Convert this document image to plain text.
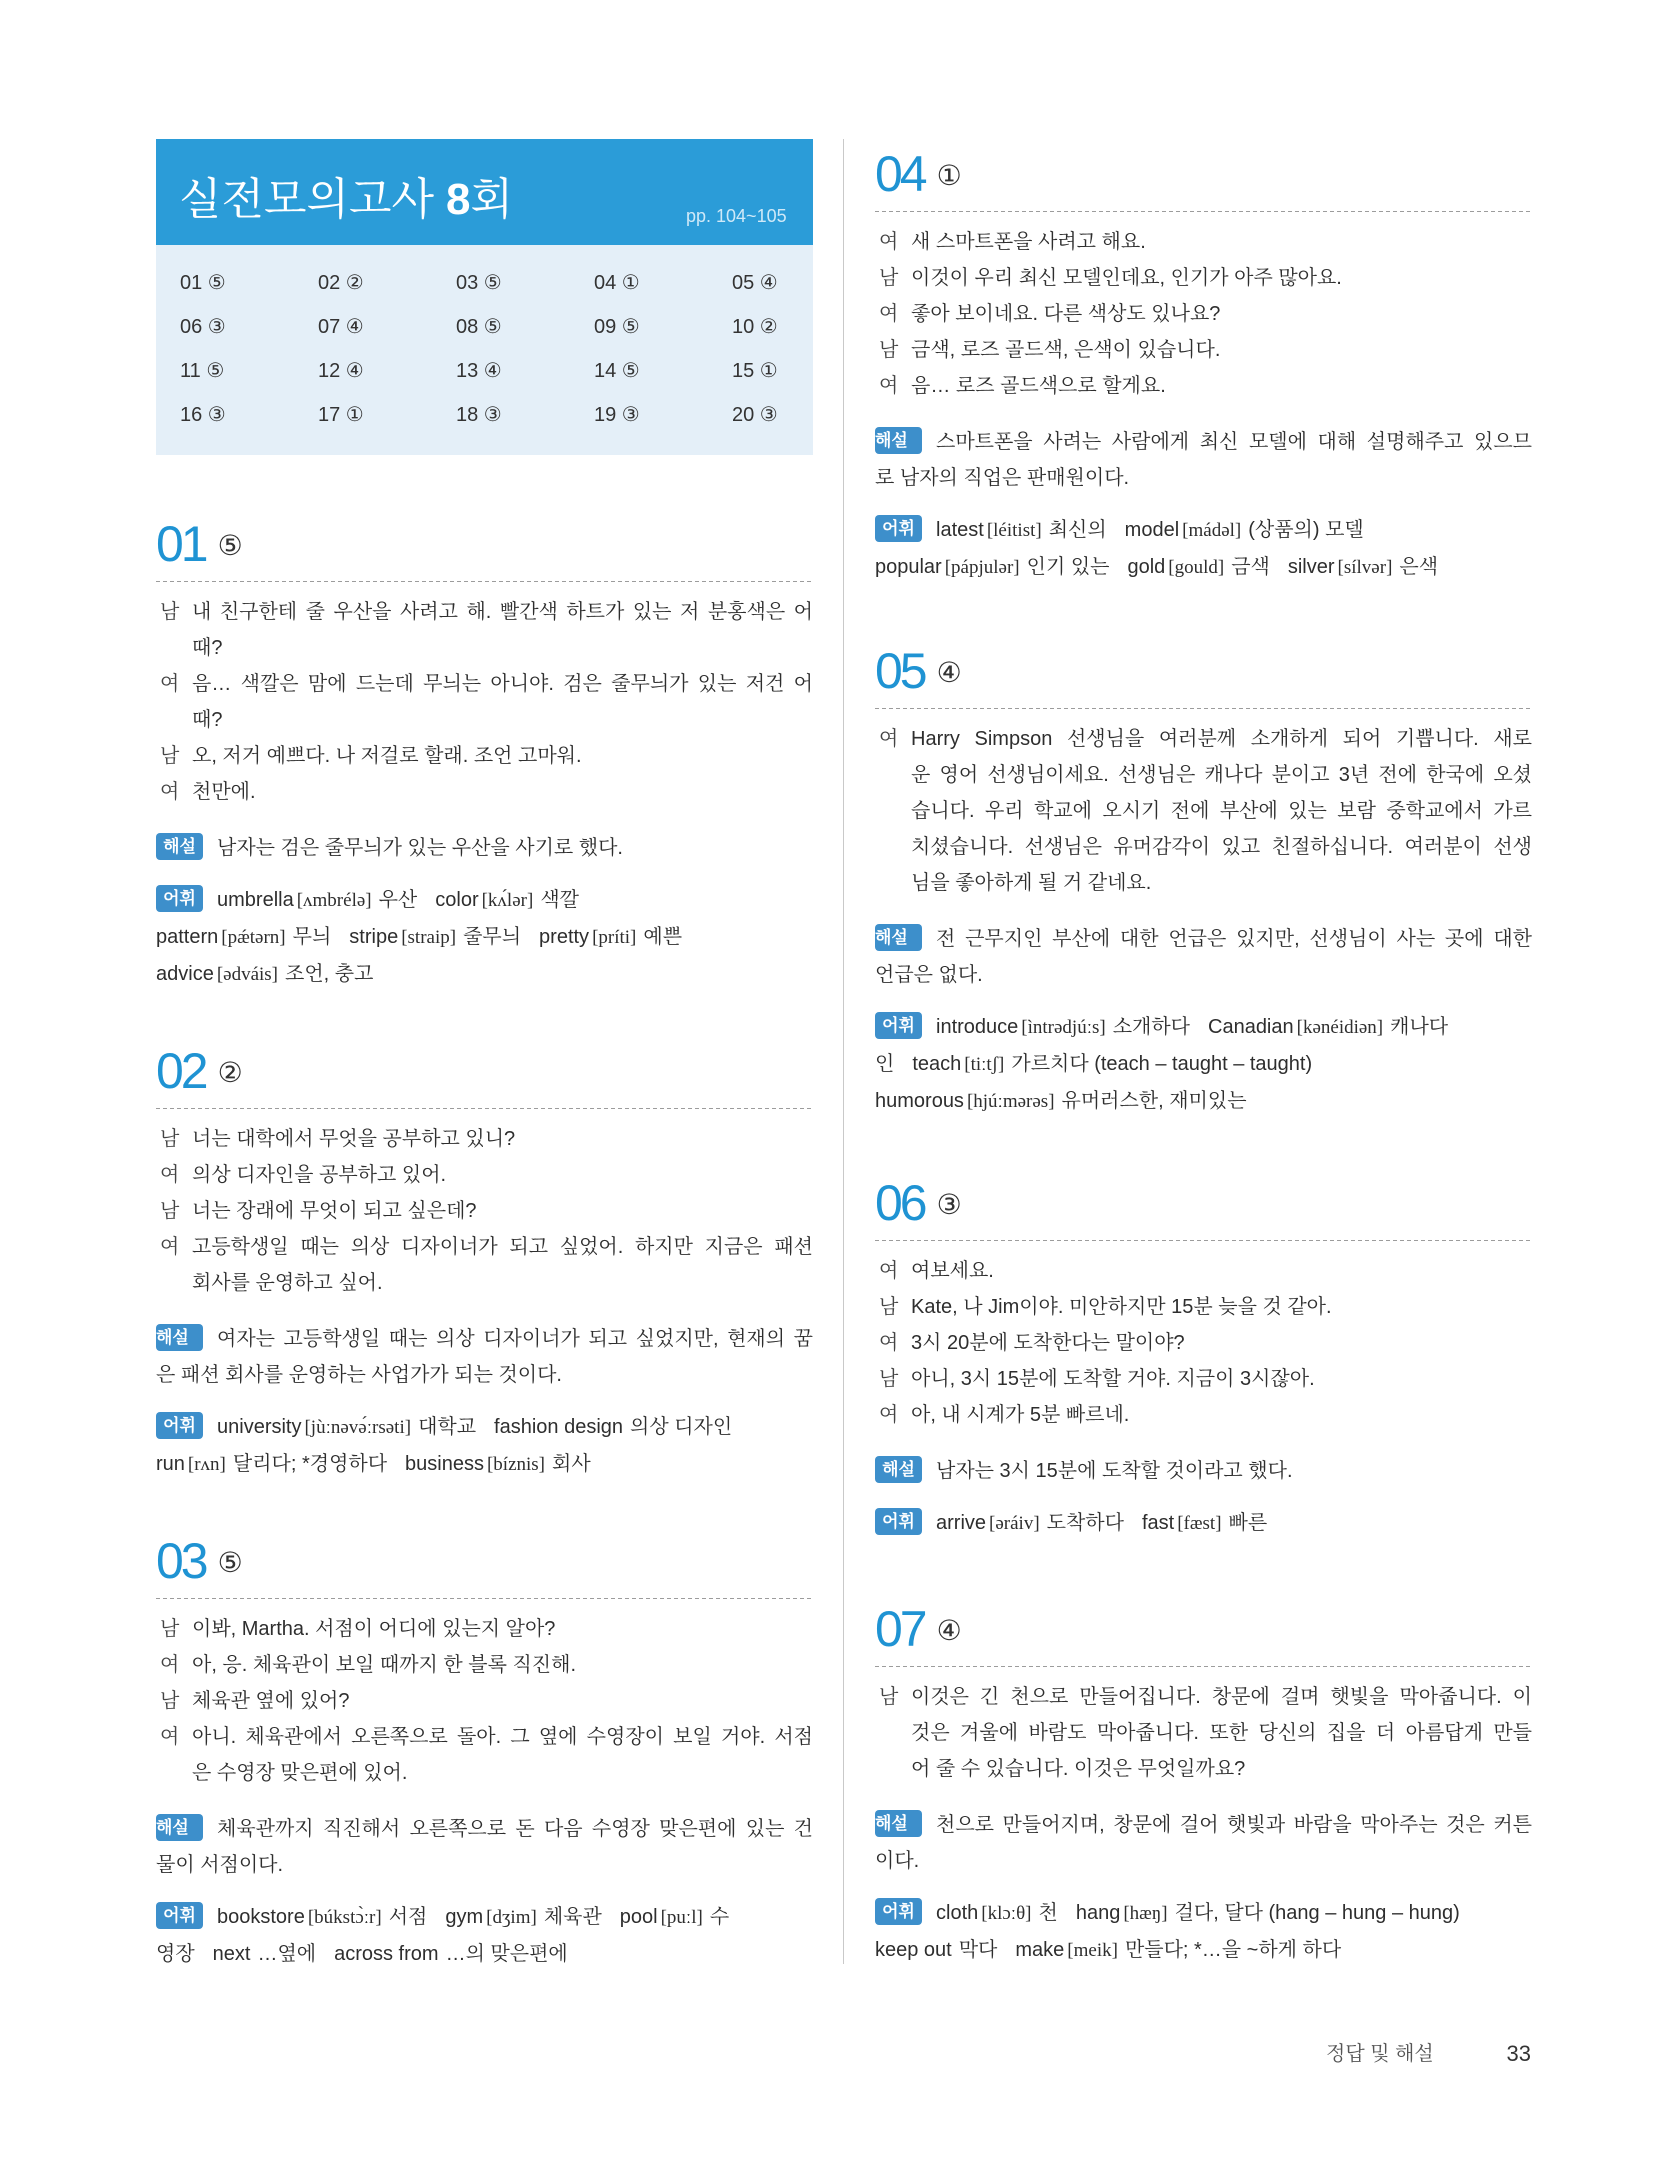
실전모의고사 8회	pp. 104~105
01 ⑤	02 ②	03 ⑤	04 ①	05 ④
06 ③	07 ④	08 ⑤	09 ⑤	10 ②
11 ⑤	12 ④	13 ④	14 ⑤	15 ①
16 ③	17 ①	18 ③	19 ③	20 ③
정답 및 해설	33
01 ⑤
남 내 친구한테 줄 우산을 사려고 해. 빨간색 하트가 있는 저 분홍색은 어
때?
여 음… 색깔은 맘에 드는데 무늬는 아니야. 검은 줄무늬가 있는 저건 어
때?
남 오, 저거 예쁘다. 나 저걸로 할래. 조언 고마워.
여 천만에.
해설 남자는 검은 줄무늬가 있는 우산을 사기로 했다.
어휘 umbrella [ʌmbrélə] 우산 color [kʌ́lər] 색깔
pattern [pǽtərn] 무늬 stripe [straip] 줄무늬 pretty [príti] 예쁜
advice [ədváis] 조언, 충고
02 ②
남 너는 대학에서 무엇을 공부하고 있니?
여 의상 디자인을 공부하고 있어.
남 너는 장래에 무엇이 되고 싶은데?
여 고등학생일 때는 의상 디자이너가 되고 싶었어. 하지만 지금은 패션
회사를 운영하고 싶어.
해설 여자는 고등학생일 때는 의상 디자이너가 되고 싶었지만, 현재의 꿈
은 패션 회사를 운영하는 사업가가 되는 것이다.
어휘 university [jùːnəvə́ːrsəti] 대학교 fashion design 의상 디자인
run [rʌn] 달리다; *경영하다 business [bíznis] 회사
03 ⑤
남 이봐, Martha. 서점이 어디에 있는지 알아?
여 아, 응. 체육관이 보일 때까지 한 블록 직진해.
남 체육관 옆에 있어?
여 아니. 체육관에서 오른쪽으로 돌아. 그 옆에 수영장이 보일 거야. 서점
은 수영장 맞은편에 있어.
해설 체육관까지 직진해서 오른쪽으로 돈 다음 수영장 맞은편에 있는 건
물이 서점이다.
어휘 bookstore [búkstɔ̀ːr] 서점 gym [dʒim] 체육관 pool [puːl] 수
영장 next …옆에 across from …의 맞은편에
04 ①
여 새 스마트폰을 사려고 해요.
남 이것이 우리 최신 모델인데요, 인기가 아주 많아요.
여 좋아 보이네요. 다른 색상도 있나요?
남 금색, 로즈 골드색, 은색이 있습니다.
여 음… 로즈 골드색으로 할게요.
해설 스마트폰을 사려는 사람에게 최신 모델에 대해 설명해주고 있으므
로 남자의 직업은 판매원이다.
어휘 latest [léitist] 최신의 model [mádəl] (상품의) 모델
popular [pápjulər] 인기 있는 gold [gould] 금색 silver [sílvər] 은색
05 ④
여 Harry Simpson 선생님을 여러분께 소개하게 되어 기쁩니다. 새로
운 영어 선생님이세요. 선생님은 캐나다 분이고 3년 전에 한국에 오셨
습니다. 우리 학교에 오시기 전에 부산에 있는 보람 중학교에서 가르
치셨습니다. 선생님은 유머감각이 있고 친절하십니다. 여러분이 선생
님을 좋아하게 될 거 같네요.
해설 전 근무지인 부산에 대한 언급은 있지만, 선생님이 사는 곳에 대한
언급은 없다.
어휘 introduce [ìntrədjúːs] 소개하다 Canadian [kənéidiən] 캐나다
인 teach [tiːtʃ] 가르치다 (teach – taught – taught)
humorous [hjúːmərəs] 유머러스한, 재미있는
06 ③
여 여보세요.
남 Kate, 나 Jim이야. 미안하지만 15분 늦을 것 같아.
여 3시 20분에 도착한다는 말이야?
남 아니, 3시 15분에 도착할 거야. 지금이 3시잖아.
여 아, 내 시계가 5분 빠르네.
해설 남자는 3시 15분에 도착할 것이라고 했다.
어휘 arrive [əráiv] 도착하다 fast [fæst] 빠른
07 ④
남 이것은 긴 천으로 만들어집니다. 창문에 걸며 햇빛을 막아줍니다. 이
것은 겨울에 바람도 막아줍니다. 또한 당신의 집을 더 아름답게 만들
어 줄 수 있습니다. 이것은 무엇일까요?
해설 천으로 만들어지며, 창문에 걸어 햇빛과 바람을 막아주는 것은 커튼
이다.
어휘 cloth [klɔːθ] 천 hang [hæŋ] 걸다, 달다 (hang – hung – hung)
keep out 막다 make [meik] 만들다; *…을 ~하게 하다
